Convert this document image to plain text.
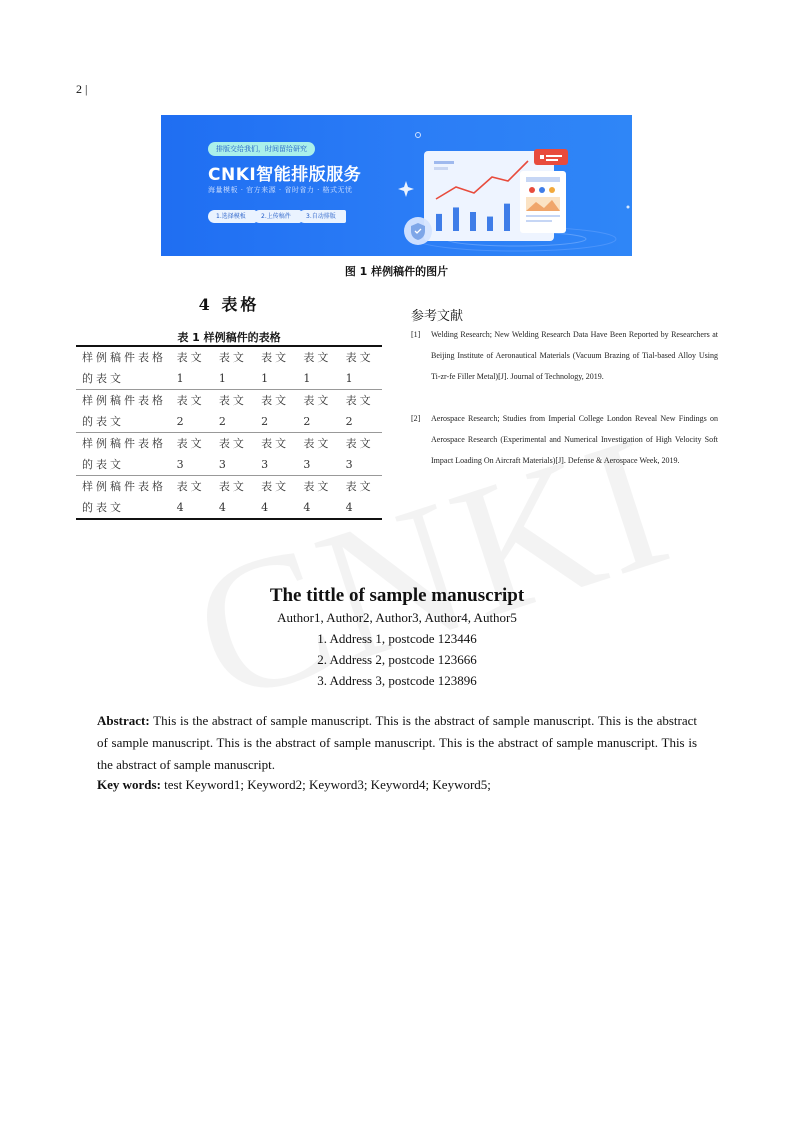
2 |
排版交给我们，时间留给研究
CNKI智能排版服务
海量模板 · 官方来源 · 省时省力 · 格式无忧
1.选择模板	2.上传稿件	3.自动排版
图 1 样例稿件的图片
4 表格
表 1 样例稿件的表格
样例稿件表格的表文	表文1	表文1	表文1	表文1	表文1
样例稿件表格的表文	表文2	表文2	表文2	表文2	表文2
样例稿件表格的表文	表文3	表文3	表文3	表文3	表文3
样例稿件表格的表文	表文4	表文4	表文4	表文4	表文4
参考文献
[1] Welding Research; New Welding Research Data Have Been Reported by Researchers at Beijing Institute of Aeronautical Materials (Vacuum Brazing of Tial-based Alloy Using Ti-zr-fe Filler Metal)[J]. Journal of Technology, 2019.
[2] Aerospace Research; Studies from Imperial College London Reveal New Findings on Aerospace Research (Experimental and Numerical Investigation of High Velocity Soft Impact Loading On Aircraft Materials)[J]. Defense & Aerospace Week, 2019.
The tittle of sample manuscript
Author1, Author2, Author3, Author4, Author5
1. Address 1, postcode 123446
2. Address 2, postcode 123666
3. Address 3, postcode 123896
Abstract: This is the abstract of sample manuscript. This is the abstract of sample manuscript. This is the abstract of sample manuscript. This is the abstract of sample manuscript. This is the abstract of sample manuscript. This is the abstract of sample manuscript.
Key words: test Keyword1; Keyword2; Keyword3; Keyword4; Keyword5;
